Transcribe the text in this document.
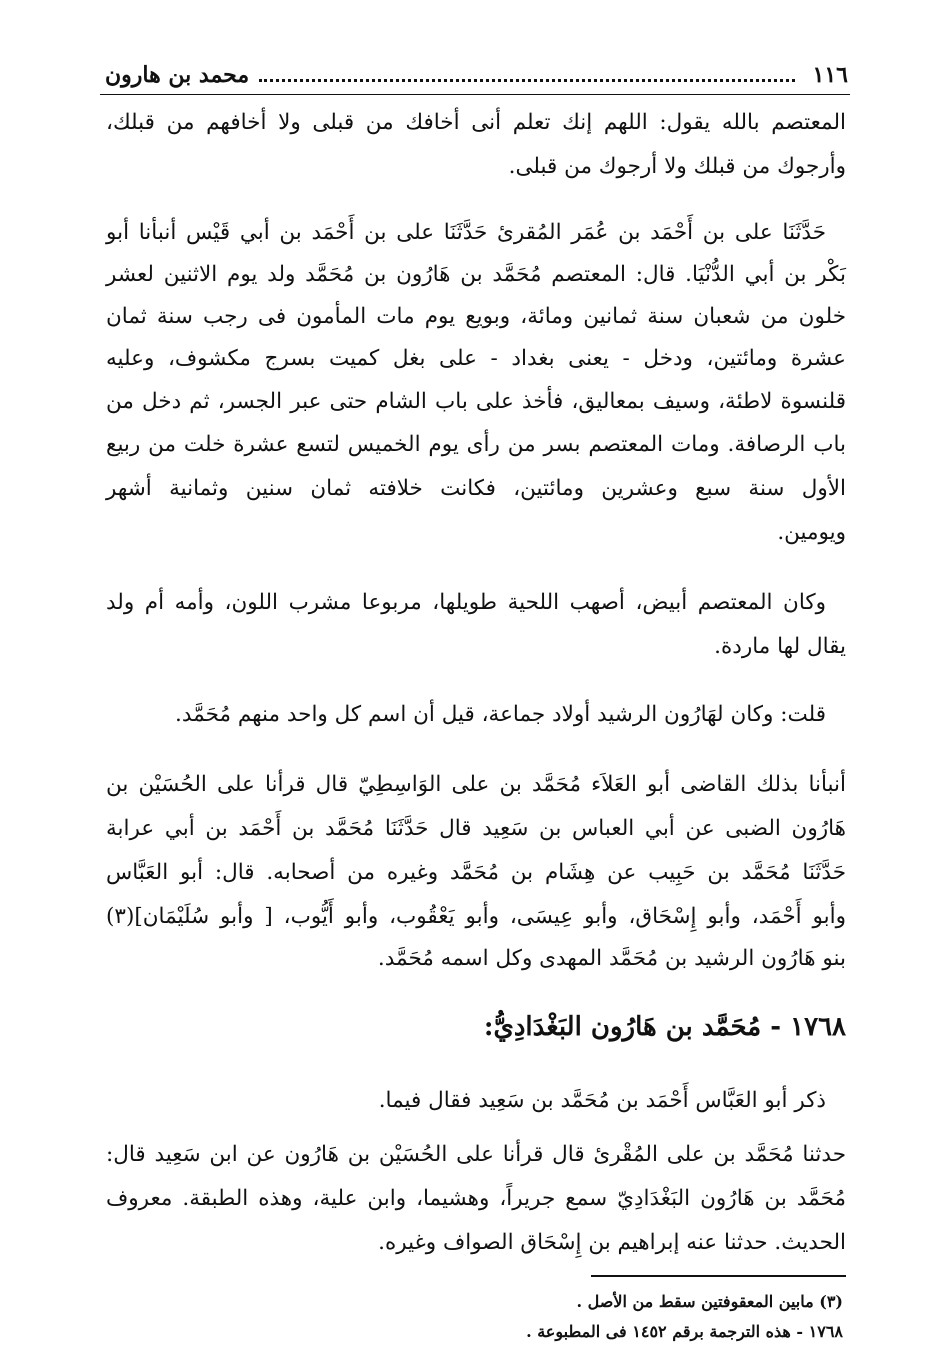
١١٦
محمد بن هارون
المعتصم بالله يقول: اللهم إنك تعلم أنى أخافك من قبلى ولا أخافهم من قبلك،
وأرجوك من قبلك ولا أرجوك من قبلى.
حَدَّثَنَا على بن أَحْمَد بن عُمَر المُقرئ حَدَّثَنَا على بن أَحْمَد بن أبي قَيْس أنبأنا أبو
بَكْر بن أبي الدُّنْيَا. قال: المعتصم مُحَمَّد بن هَارُون بن مُحَمَّد ولد يوم الاثنين لعشر
خلون من شعبان سنة ثمانين ومائة، وبويع يوم مات المأمون فى رجب سنة ثمان
عشرة ومائتين، ودخل - يعنى بغداد - على بغل كميت بسرج مكشوف، وعليه
قلنسوة لاطئة، وسيف بمعاليق، فأخذ على باب الشام حتى عبر الجسر، ثم دخل من
باب الرصافة. ومات المعتصم بسر من رأى يوم الخميس لتسع عشرة خلت من ربيع
الأول سنة سبع وعشرين ومائتين، فكانت خلافته ثمان سنين وثمانية أشهر
ويومين.
وكان المعتصم أبيض، أصهب اللحية طويلها، مربوعا مشرب اللون، وأمه أم ولد
يقال لها ماردة.
قلت: وكان لهَارُون الرشيد أولاد جماعة، قيل أن اسم كل واحد منهم مُحَمَّد.
أنبأنا بذلك القاضى أبو العَلاَء مُحَمَّد بن على الوَاسِطِيّ قال قرأنا على الحُسَيْن بن
هَارُون الضبى عن أبي العباس بن سَعِيد قال حَدَّثَنَا مُحَمَّد بن أَحْمَد بن أبي عرابة
حَدَّثَنَا مُحَمَّد بن حَبِيب عن هِشَام بن مُحَمَّد وغيره من أصحابه. قال: أبو العَبَّاس
وأبو أَحْمَد، وأبو إِسْحَاق، وأبو عِيسَى، وأبو يَعْقُوب، وأبو أَيُّوب، [ وأبو سُلَيْمَان](٣)
بنو هَارُون الرشيد بن مُحَمَّد المهدى وكل اسمه مُحَمَّد.
١٧٦٨ - مُحَمَّد بن هَارُون البَغْدَادِيُّ:
ذكر أبو العَبَّاس أَحْمَد بن مُحَمَّد بن سَعِيد فقال فيما.
حدثنا مُحَمَّد بن على المُقْرئ قال قرأنا على الحُسَيْن بن هَارُون عن ابن سَعِيد قال:
مُحَمَّد بن هَارُون البَغْدَادِيّ سمع جريراً، وهشيما، وابن علية، وهذه الطبقة. معروف
الحديث. حدثنا عنه إبراهيم بن إِسْحَاق الصواف وغيره.
(٣) مابين المعقوفتين سقط من الأصل .
١٧٦٨ - هذه الترجمة برقم ١٤٥٢ فى المطبوعة .
